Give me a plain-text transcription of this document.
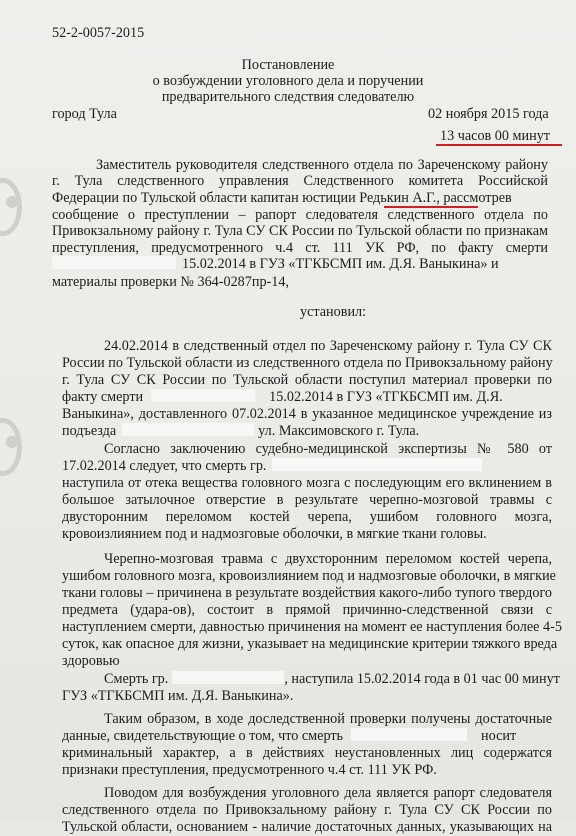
52-2-0057-2015
Постановление
о возбуждении уголовного дела и поручении
предварительного следствия следователю
город Тула	02 ноября 2015 года
13 часов 00 минут
Заместитель руководителя следственного отдела по Зареченскому району
г. Тула следственного управления Следственного комитета Российской
Федерации по Тульской области капитан юстиции Редькин А.Г., рассмотрев
сообщение о преступлении – рапорт следователя следственного отдела по
Привокзальному району г. Тула СУ СК России по Тульской области по признакам
преступления, предусмотренного ч.4 ст. 111 УК РФ, по факту смерти
15.02.2014 в ГУЗ «ТГКБСМП им. Д.Я. Ваныкина» и
материалы проверки № 364-0287пр-14,
установил:
24.02.2014 в следственный отдел по Зареченскому району г. Тула СУ СК
России по Тульской области из следственного отдела по Привокзальному району
г. Тула СУ СК России по Тульской области поступил материал проверки по
факту смерти	15.02.2014 в ГУЗ «ТГКБСМП им. Д.Я.
Ваныкина», доставленного 07.02.2014 в указанное медицинское учреждение из
подъезда	ул. Максимовского г. Тула.
Согласно заключению судебно-медицинской экспертизы № 580 от
17.02.2014 следует, что смерть гр.
наступила от отека вещества головного мозга с последующим его вклинением в
большое затылочное отверстие в результате черепно-мозговой травмы с
двусторонним переломом костей черепа, ушибом головного мозга,
кровоизлиянием под и надмозговые оболочки, в мягкие ткани головы.
Черепно-мозговая травма с двухсторонним переломом костей черепа,
ушибом головного мозга, кровоизлиянием под и надмозговые оболочки, в мягкие
ткани головы – причинена в результате воздействия какого-либо тупого твердого
предмета (удара-ов), состоит в прямой причинно-следственной связи с
наступлением смерти, давностью причинения на момент ее наступления более 4-5
суток, как опасное для жизни, указывает на медицинские критерии тяжкого вреда
здоровью
Смерть гр.	, наступила 15.02.2014 года в 01 час 00 минут
ГУЗ «ТГКБСМП им. Д.Я. Ваныкина».
Таким образом, в ходе доследственной проверки получены достаточные
данные, свидетельствующие о том, что смерть	носит
криминальный характер, а в действиях неустановленных лиц содержатся
признаки преступления, предусмотренного ч.4 ст. 111 УК РФ.
Поводом для возбуждения уголовного дела является рапорт следователя
следственного отдела по Привокзальному району г. Тула СУ СК России по
Тульской области, основанием - наличие достаточных данных, указывающих на
